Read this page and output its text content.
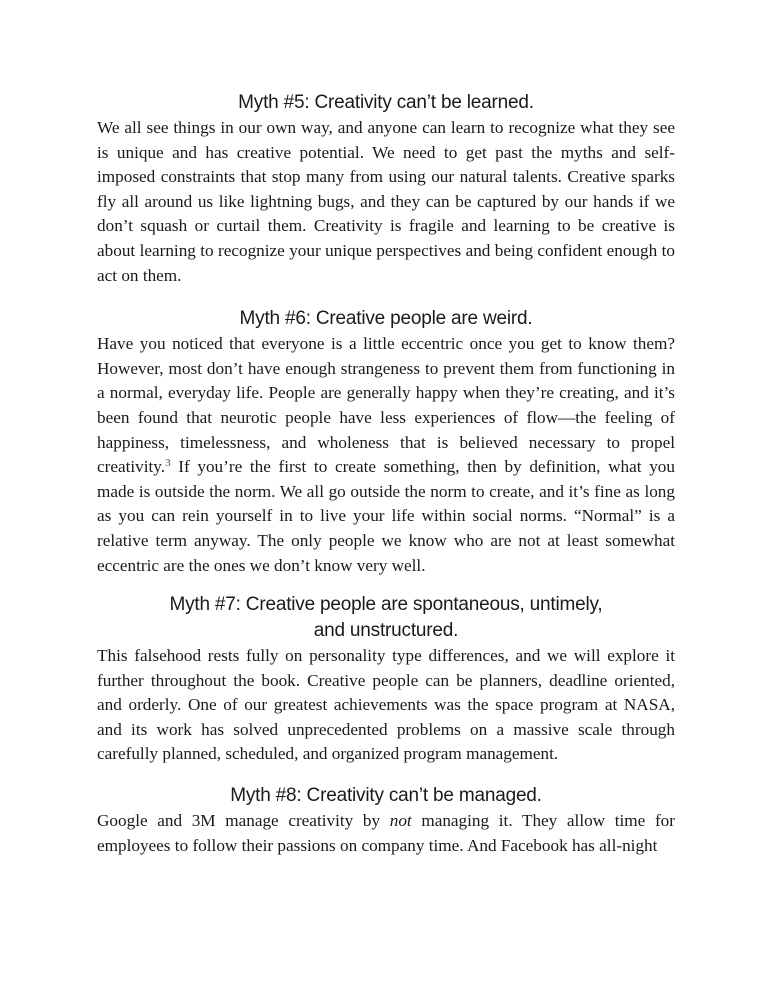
Myth #5: Creativity can’t be learned.

We all see things in our own way, and anyone can learn to recognize what they see is unique and has creative potential. We need to get past the myths and self-imposed constraints that stop many from using our natural talents. Creative sparks fly all around us like lightning bugs, and they can be captured by our hands if we don’t squash or curtail them. Creativity is fragile and learning to be creative is about learning to recognize your unique perspectives and being confident enough to act on them.

Myth #6: Creative people are weird.

Have you noticed that everyone is a little eccentric once you get to know them? However, most don’t have enough strangeness to prevent them from functioning in a normal, everyday life. People are generally happy when they’re creating, and it’s been found that neurotic people have less experiences of flow—the feeling of happiness, timelessness, and wholeness that is believed necessary to propel creativity.$^3$ If you’re the first to create something, then by definition, what you made is outside the norm. We all go outside the norm to create, and it’s fine as long as you can rein yourself in to live your life within social norms. “Normal” is a relative term anyway. The only people we know who are not at least somewhat eccentric are the ones we don’t know very well.

Myth #7: Creative people are spontaneous, untimely, and unstructured.

This falsehood rests fully on personality type differences, and we will explore it further throughout the book. Creative people can be planners, deadline oriented, and orderly. One of our greatest achievements was the space program at NASA, and its work has solved unprecedented problems on a massive scale through carefully planned, scheduled, and organized program management.

Myth #8: Creativity can’t be managed.

Google and 3M manage creativity by not managing it. They allow time for employees to follow their passions on company time. And Facebook has all-night
